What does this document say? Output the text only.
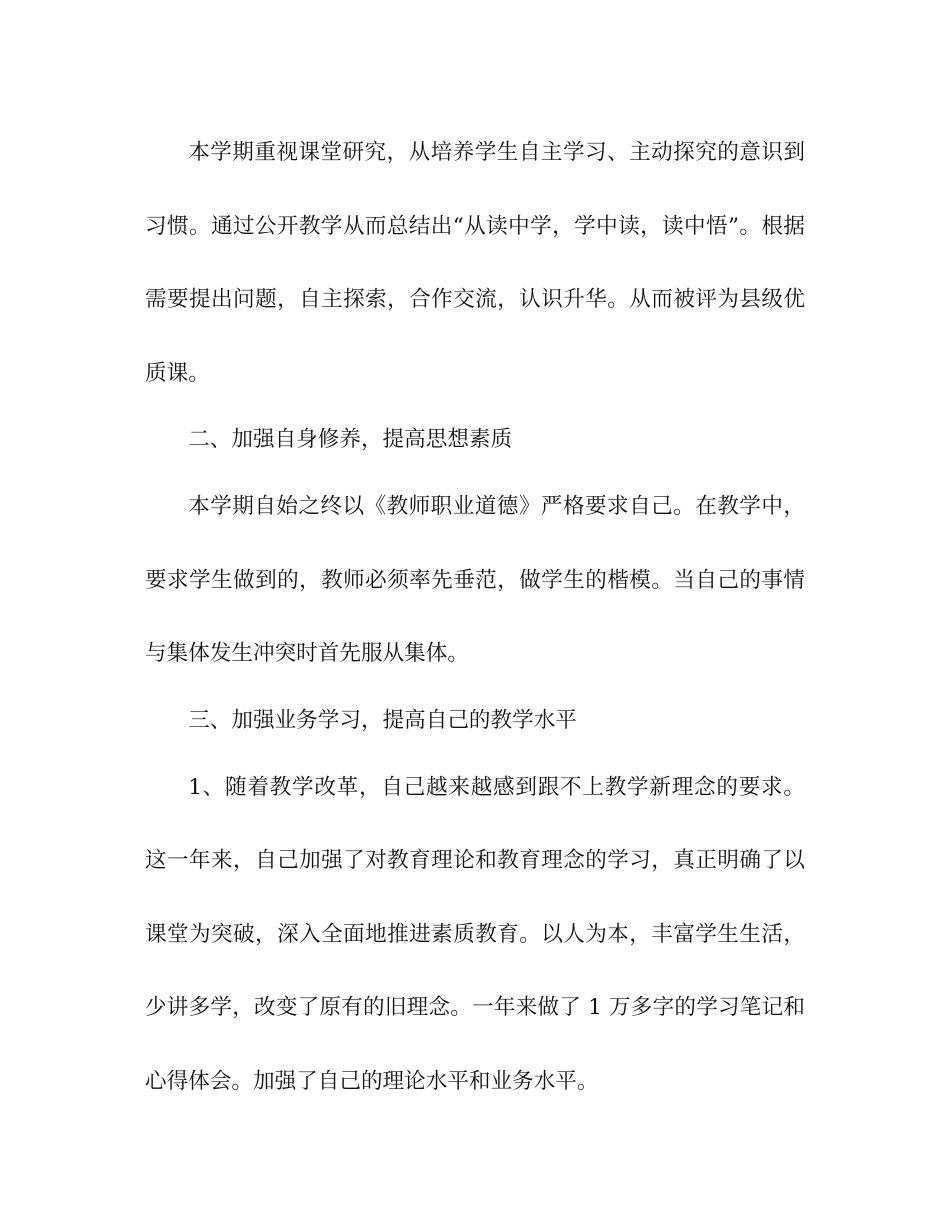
本学期重视课堂研究，从培养学生自主学习、主动探究的意识到习惯。通过公开教学从而总结出“从读中学，学中读，读中悟”。根据需要提出问题，自主探索，合作交流，认识升华。从而被评为县级优质课。

二、加强自身修养，提高思想素质

本学期自始之终以《教师职业道德》严格要求自己。在教学中，要求学生做到的，教师必须率先垂范，做学生的楷模。当自己的事情与集体发生冲突时首先服从集体。

三、加强业务学习，提高自己的教学水平

1、随着教学改革，自己越来越感到跟不上教学新理念的要求。这一年来，自己加强了对教育理论和教育理念的学习，真正明确了以课堂为突破，深入全面地推进素质教育。以人为本，丰富学生生活，少讲多学，改变了原有的旧理念。一年来做了 1 万多字的学习笔记和心得体会。加强了自己的理论水平和业务水平。
